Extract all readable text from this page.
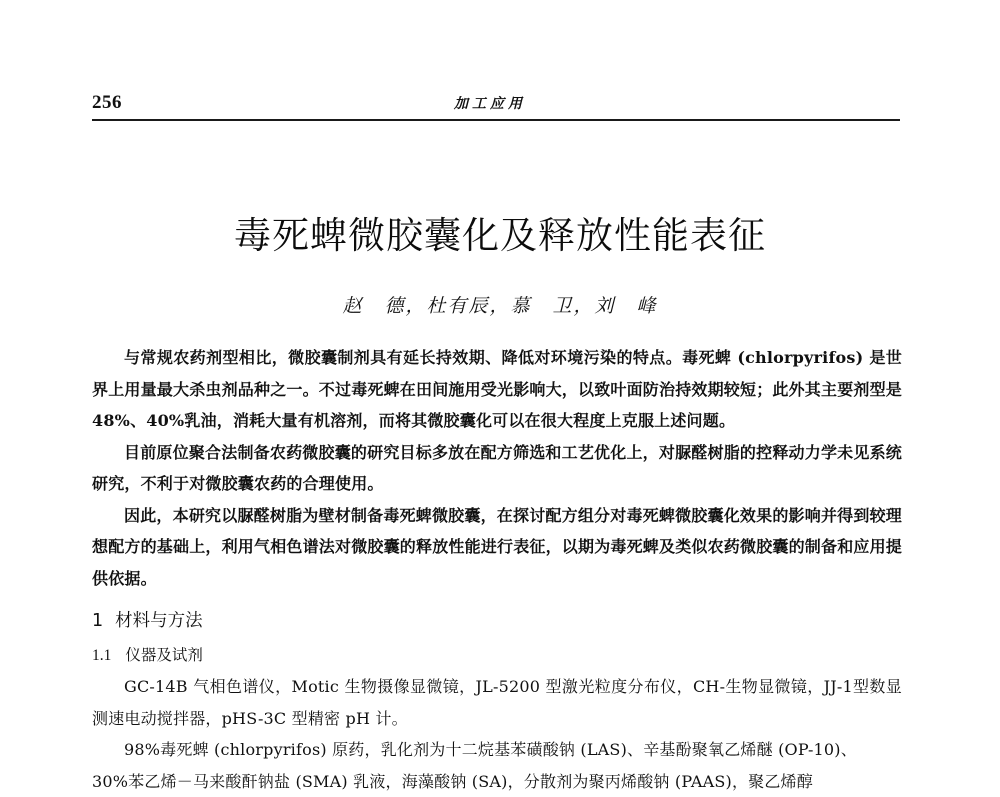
256	加工应用
毒死蜱微胶囊化及释放性能表征
赵　德，杜有辰，慕　卫，刘　峰

与常规农药剂型相比，微胶囊制剂具有延长持效期、降低对环境污染的特点。毒死蜱 (chlorpyrifos) 是世界上用量最大杀虫剂品种之一。不过毒死蜱在田间施用受光影响大，以致叶面防治持效期较短；此外其主要剂型是48%、40%乳油，消耗大量有机溶剂，而将其微胶囊化可以在很大程度上克服上述问题。

目前原位聚合法制备农药微胶囊的研究目标多放在配方筛选和工艺优化上，对脲醛树脂的控释动力学未见系统研究，不利于对微胶囊农药的合理使用。

因此，本研究以脲醛树脂为壁材制备毒死蜱微胶囊，在探讨配方组分对毒死蜱微胶囊化效果的影响并得到较理想配方的基础上，利用气相色谱法对微胶囊的释放性能进行表征，以期为毒死蜱及类似农药微胶囊的制备和应用提供依据。

1 材料与方法
1.1 仪器及试剂

GC-14B 气相色谱仪，Motic 生物摄像显微镜，JL-5200 型激光粒度分布仪，CH-生物显微镜，JJ-1型数显测速电动搅拌器，pHS-3C 型精密 pH 计。

98%毒死蜱 (chlorpyrifos) 原药，乳化剂为十二烷基苯磺酸钠 (LAS)、辛基酚聚氧乙烯醚 (OP-10)、

30%苯乙烯－马来酸酐钠盐 (SMA) 乳液，海藻酸钠 (SA)，分散剂为聚丙烯酸钠 (PAAS)，聚乙烯醇
